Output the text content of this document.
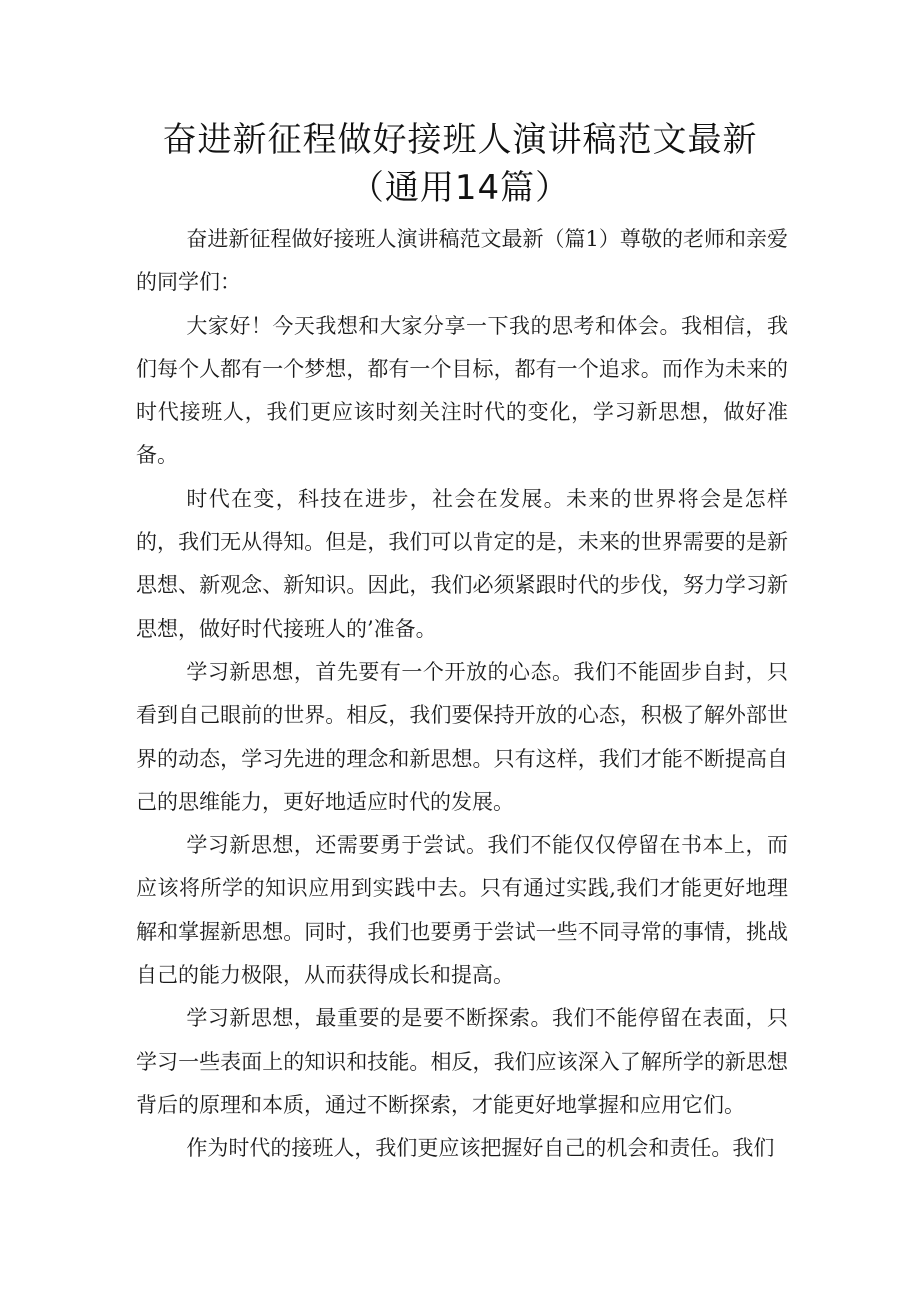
奋进新征程做好接班人演讲稿范文最新（通用14篇）

奋进新征程做好接班人演讲稿范文最新（篇1）尊敬的老师和亲爱的同学们：

大家好！今天我想和大家分享一下我的思考和体会。我相信，我们每个人都有一个梦想，都有一个目标，都有一个追求。而作为未来的时代接班人，我们更应该时刻关注时代的变化，学习新思想，做好准备。

时代在变，科技在进步，社会在发展。未来的世界将会是怎样的，我们无从得知。但是，我们可以肯定的是，未来的世界需要的是新思想、新观念、新知识。因此，我们必须紧跟时代的步伐，努力学习新思想，做好时代接班人的’准备。

学习新思想，首先要有一个开放的心态。我们不能固步自封，只看到自己眼前的世界。相反，我们要保持开放的心态，积极了解外部世界的动态，学习先进的理念和新思想。只有这样，我们才能不断提高自己的思维能力，更好地适应时代的发展。

学习新思想，还需要勇于尝试。我们不能仅仅停留在书本上，而应该将所学的知识应用到实践中去。只有通过实践,我们才能更好地理解和掌握新思想。同时，我们也要勇于尝试一些不同寻常的事情，挑战自己的能力极限，从而获得成长和提高。

学习新思想，最重要的是要不断探索。我们不能停留在表面，只学习一些表面上的知识和技能。相反，我们应该深入了解所学的新思想背后的原理和本质，通过不断探索，才能更好地掌握和应用它们。

作为时代的接班人，我们更应该把握好自己的机会和责任。我们
